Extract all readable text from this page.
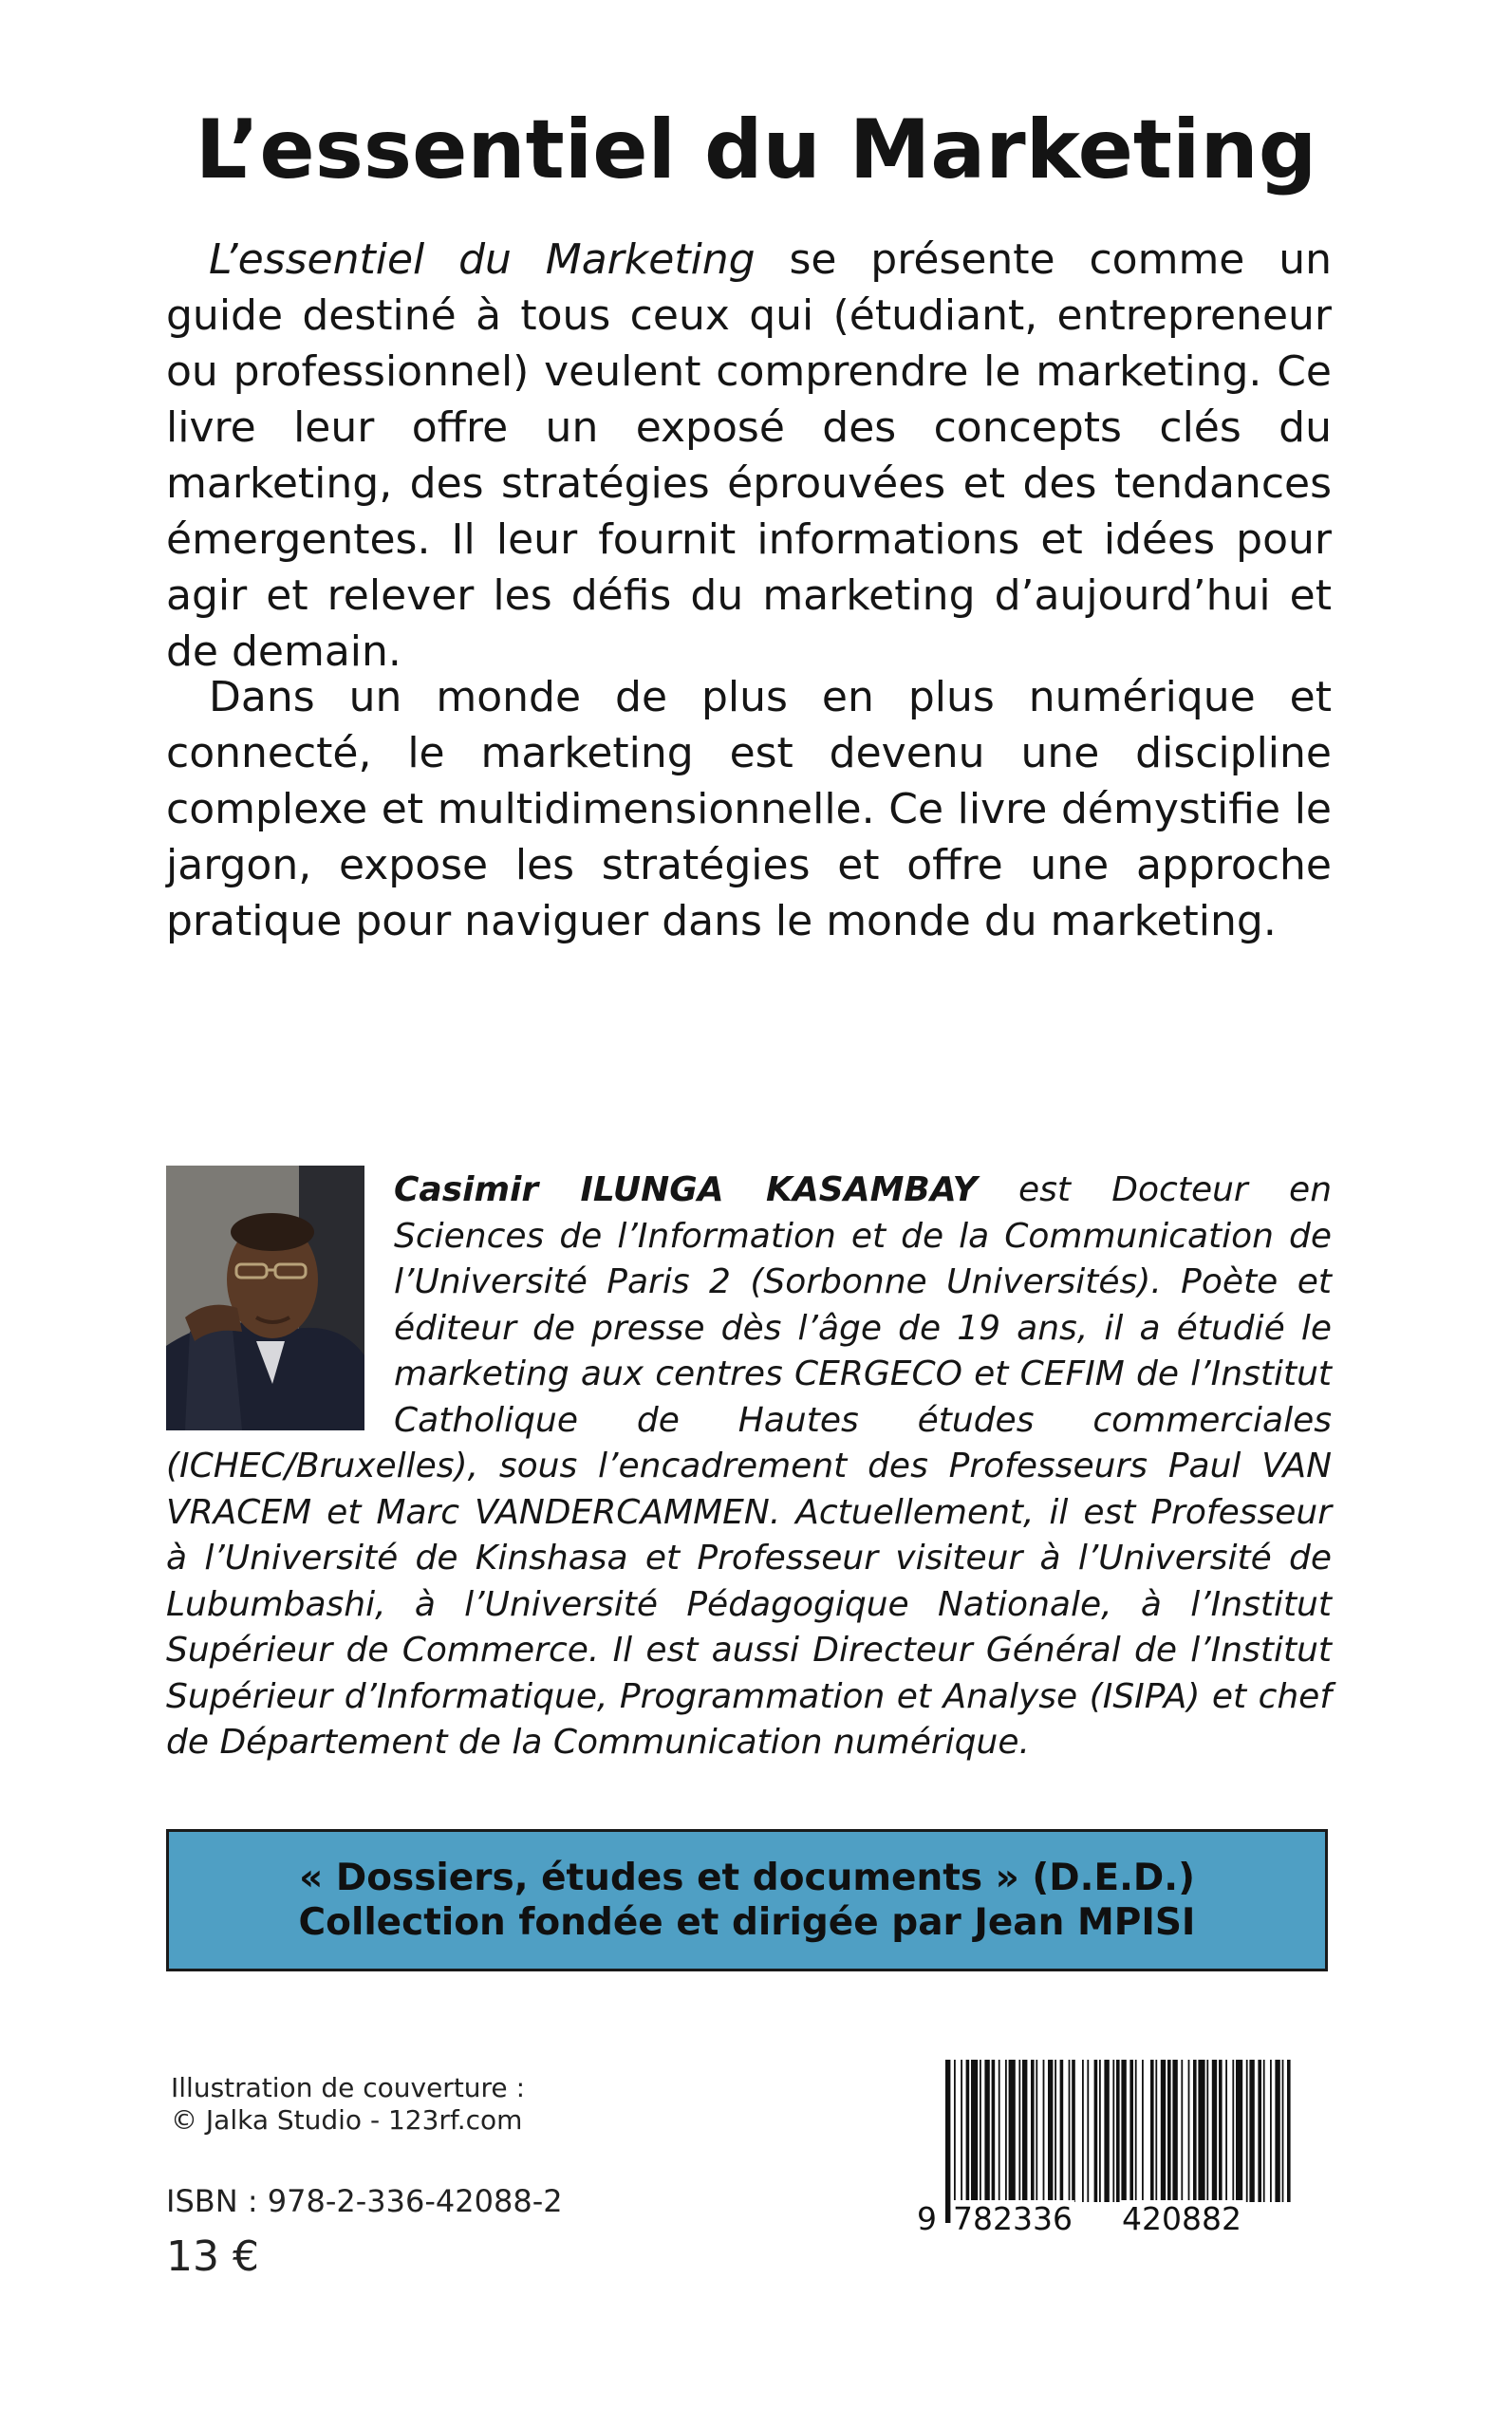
L’essentiel du Marketing
L’essentiel du Marketing se présente comme un guide destiné à tous ceux qui (étudiant, entrepreneur ou professionnel) veulent comprendre le marketing. Ce livre leur offre un exposé des concepts clés du marketing, des stratégies éprouvées et des tendances émergentes. Il leur fournit informations et idées pour agir et relever les défis du marketing d’aujourd’hui et de demain.
Dans un monde de plus en plus numérique et connecté, le marketing est devenu une discipline complexe et multidimensionnelle. Ce livre démystifie le jargon, expose les stratégies et offre une approche pratique pour naviguer dans le monde du marketing.
Casimir ILUNGA KASAMBAY est Docteur en Sciences de l’Information et de la Communication de l’Université Paris 2 (Sorbonne Universités). Poète et éditeur de presse dès l’âge de 19 ans, il a étudié le marketing aux centres CERGECO et CEFIM de l’Institut Catholique de Hautes études commerciales (ICHEC/Bruxelles), sous l’encadrement des Professeurs Paul VAN VRACEM et Marc VANDERCAMMEN. Actuellement, il est Professeur à l’Université de Kinshasa et Professeur visiteur à l’Université de Lubumbashi, à l’Université Pédagogique Nationale, à l’Institut Supérieur de Commerce. Il est aussi Directeur Général de l’Institut Supérieur d’Informatique, Programmation et Analyse (ISIPA) et chef de Département de la Communication numérique.
« Dossiers, études et documents » (D.E.D.)
Collection fondée et dirigée par Jean MPISI
Illustration de couverture :
© Jalka Studio - 123rf.com
ISBN : 978-2-336-42088-2
13 €
9 782336 420882
